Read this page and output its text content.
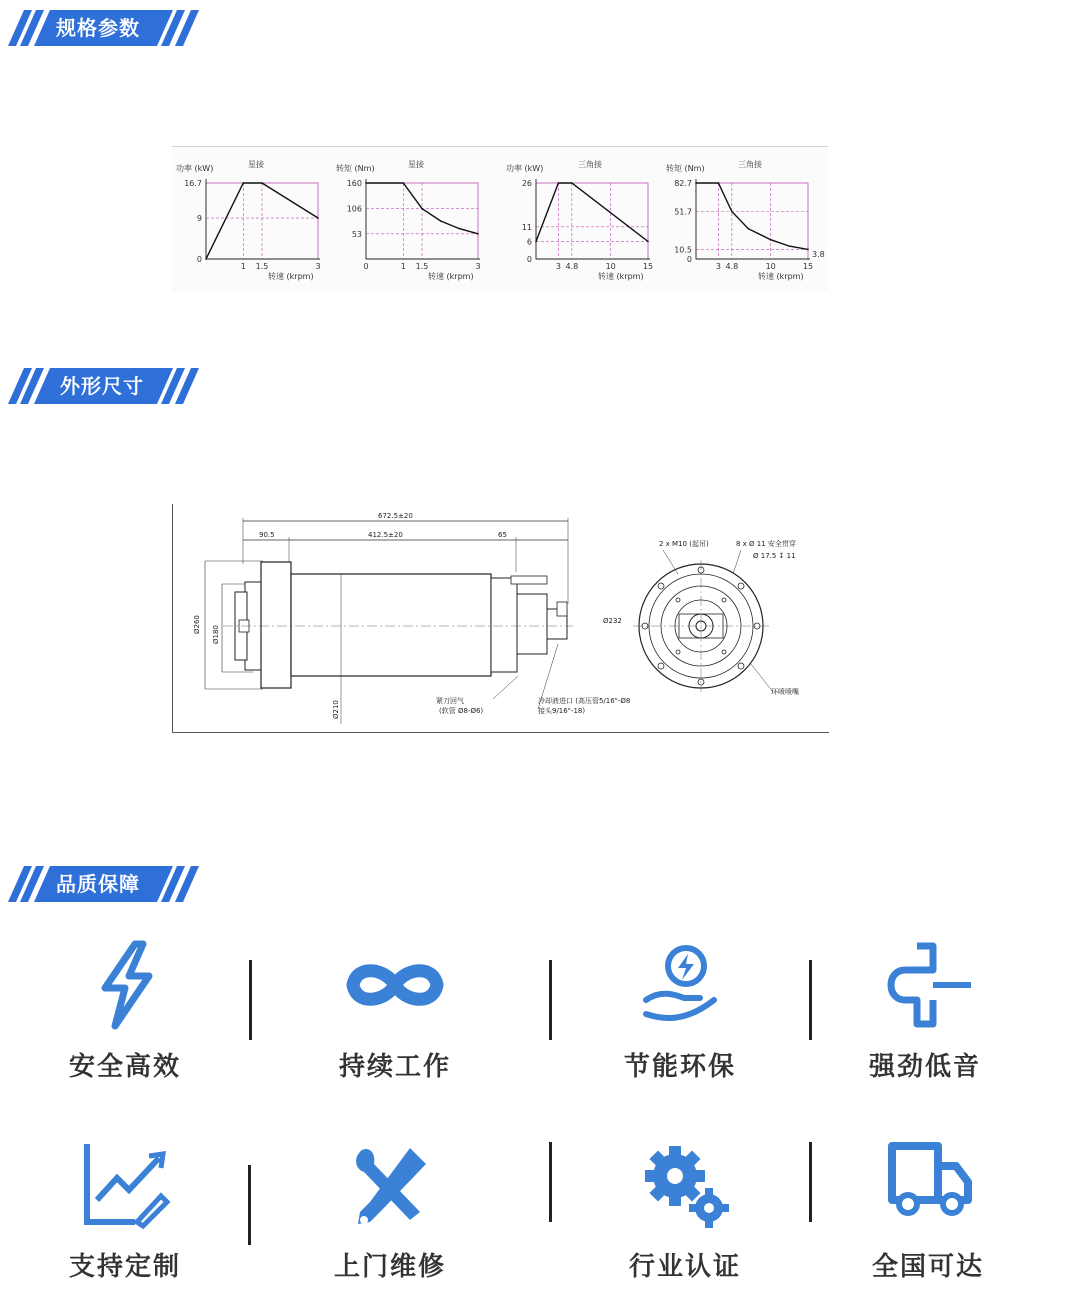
规格参数
功率 (kW)	星接
转速 (krpm)
16.7
9
0
1 1.5	3
转矩 (Nm)	星接
转速 (krpm)
160
106
53
0	1 1.5	3
功率 (kW)	三角接
转速 (krpm)
26
11
6
0
3 4.8	10	15
转矩 (Nm)	三角接
转速 (krpm)
82.7
51.7
10.5
0
3 4.8	10	15
3.8
外形尺寸
672.5±20
90.5	412.5±20	65
Ø260
Ø180
Ø210	紧刀回气
(软管 Ø8-Ø6)
冷却液进口 (高压管5/16"-Ø8
接头9/16"-18)
2 x M10 (起吊)	8 x Ø 11 安全贯穿
Ø 17.5 ↧ 11
Ø232
环喷喷嘴
品质保障
安全高效	持续工作	节能环保	强劲低音
支持定制	上门维修	行业认证	全国可达
